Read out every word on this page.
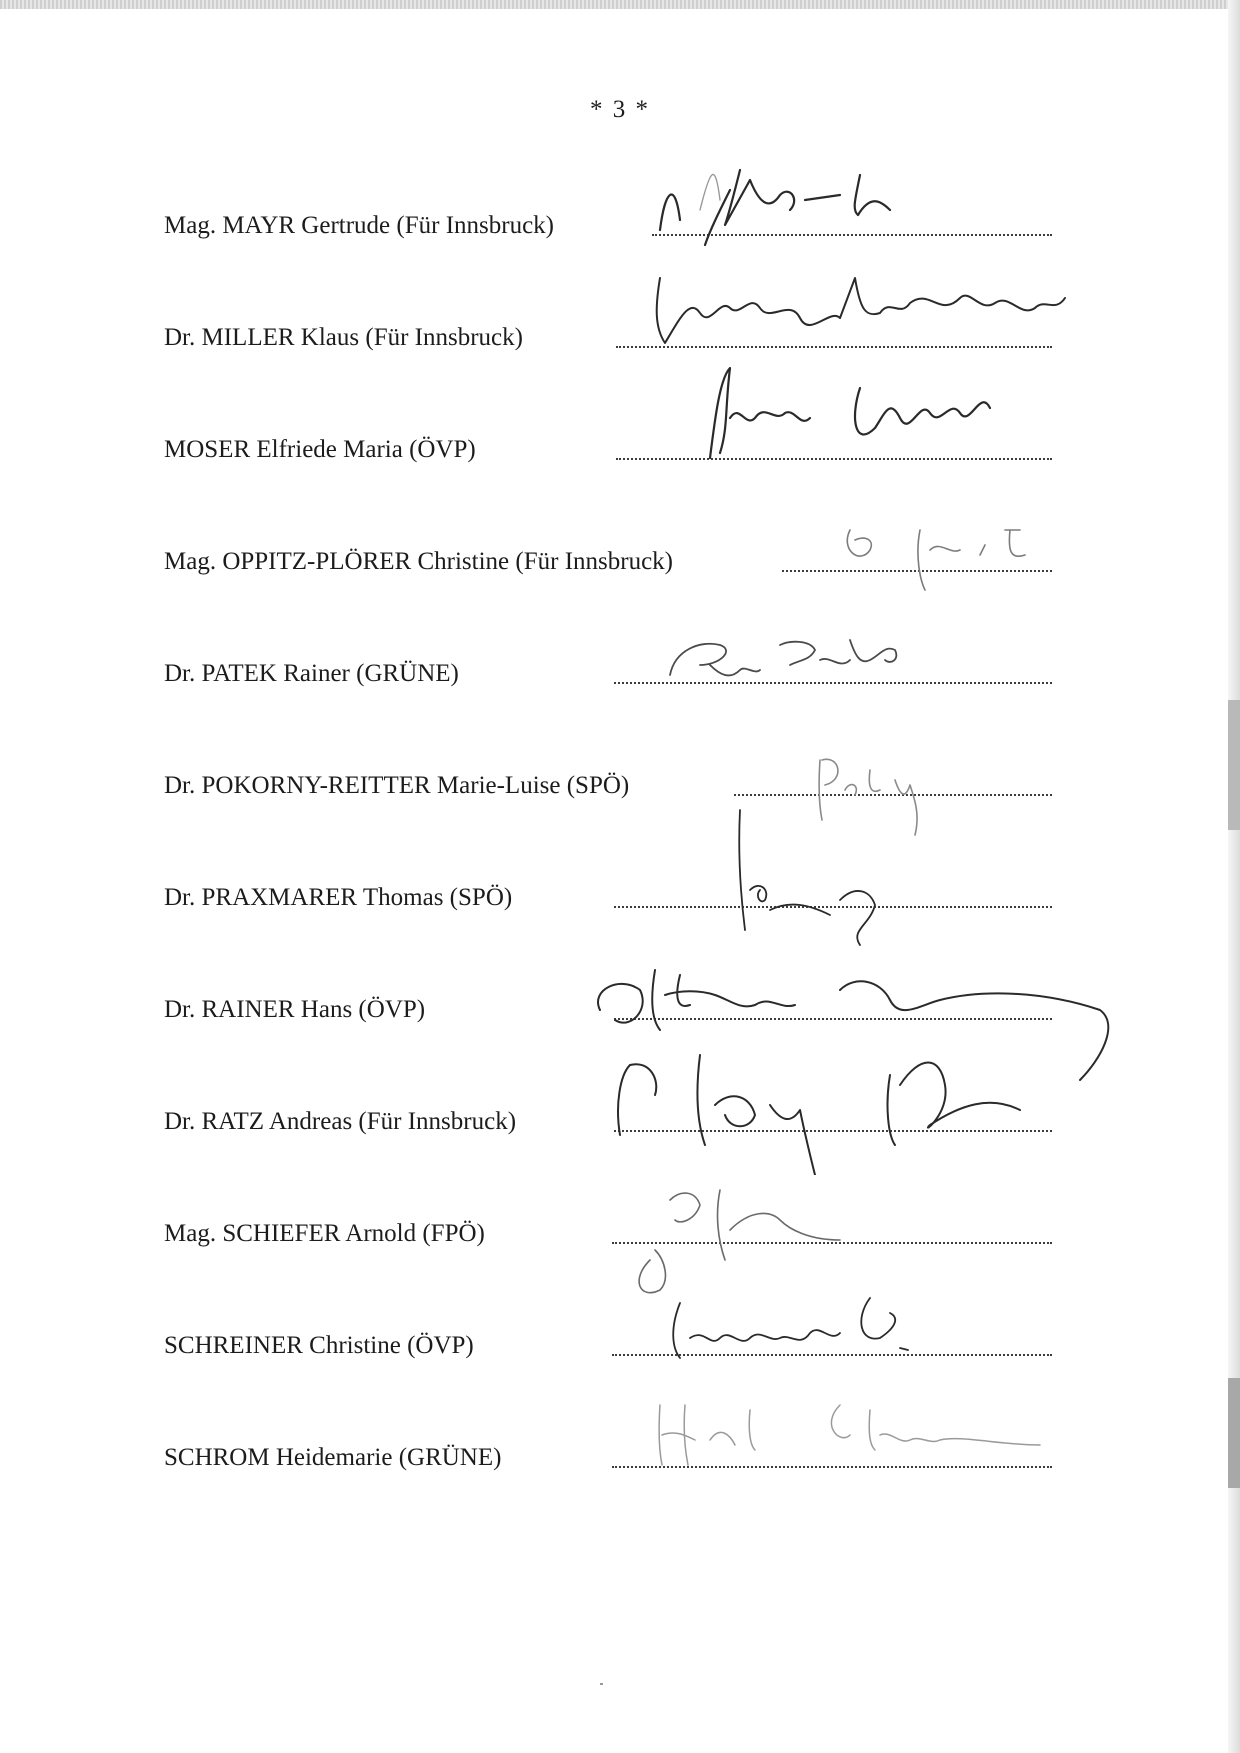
* 3 *
Mag. MAYR Gertrude (Für Innsbruck)
Dr. MILLER Klaus (Für Innsbruck)
MOSER Elfriede Maria (ÖVP)
Mag. OPPITZ-PLÖRER Christine (Für Innsbruck)
Dr. PATEK Rainer (GRÜNE)
Dr. POKORNY-REITTER Marie-Luise (SPÖ)
Dr. PRAXMARER Thomas (SPÖ)
Dr. RAINER Hans (ÖVP)
Dr. RATZ Andreas (Für Innsbruck)
Mag. SCHIEFER Arnold (FPÖ)
SCHREINER Christine (ÖVP)
SCHROM Heidemarie (GRÜNE)
